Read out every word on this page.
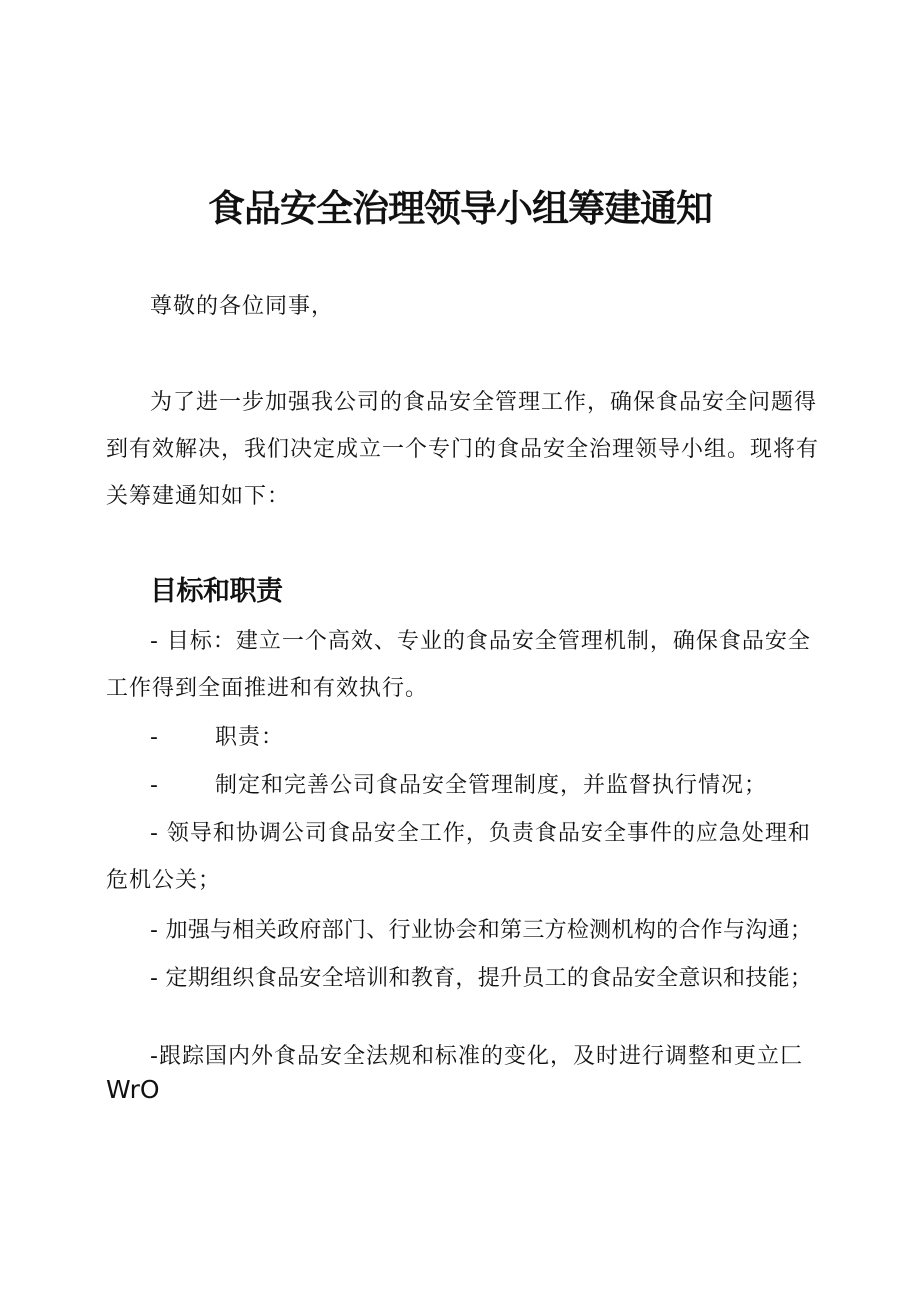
食品安全治理领导小组筹建通知

尊敬的各位同事，

为了进一步加强我公司的食品安全管理工作，确保食品安全问题得

到有效解决，我们决定成立一个专门的食品安全治理领导小组。现将有

关筹建通知如下：

目标和职责

- 目标：建立一个高效、专业的食品安全管理机制，确保食品安全

工作得到全面推进和有效执行。

-	职责：

-	制定和完善公司食品安全管理制度，并监督执行情况；

- 领导和协调公司食品安全工作，负责食品安全事件的应急处理和

危机公关；

- 加强与相关政府部门、行业协会和第三方检测机构的合作与沟通；

- 定期组织食品安全培训和教育，提升员工的食品安全意识和技能；

-跟踪国内外食品安全法规和标准的变化，及时进行调整和更立匚

WrO
